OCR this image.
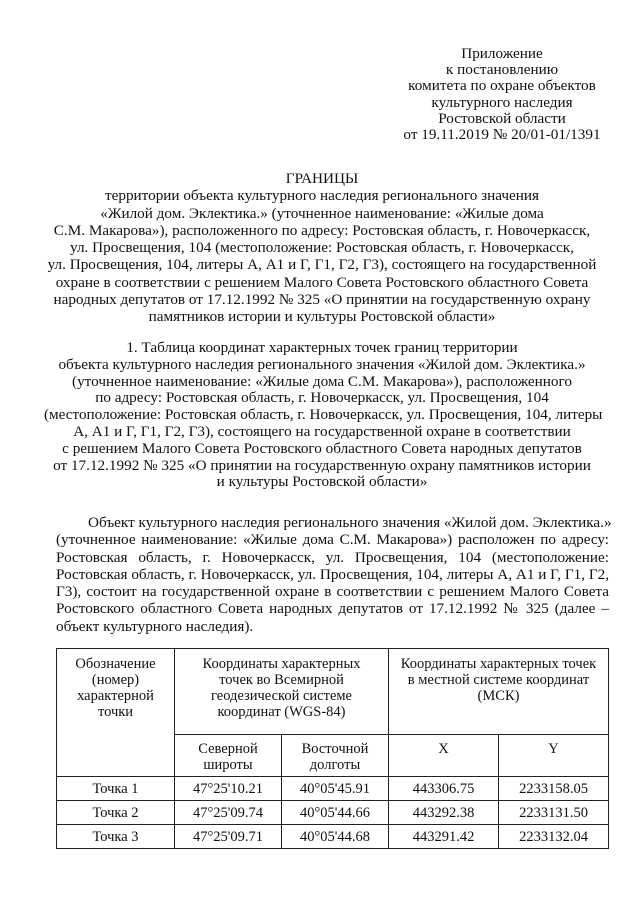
Приложение
к постановлению
комитета по охране объектов
культурного наследия
Ростовской области
от 19.11.2019 № 20/01-01/1391
ГРАНИЦЫ
территории объекта культурного наследия регионального значения
«Жилой дом. Эклектика.» (уточненное наименование: «Жилые дома
С.М. Макарова»), расположенного по адресу: Ростовская область, г. Новочеркасск,
ул. Просвещения, 104 (местоположение: Ростовская область, г. Новочеркасск,
ул. Просвещения, 104, литеры А, А1 и Г, Г1, Г2, Г3), состоящего на государственной
охране в соответствии с решением Малого Совета Ростовского областного Совета
народных депутатов от 17.12.1992 № 325 «О принятии на государственную охрану
памятников истории и культуры Ростовской области»
1. Таблица координат характерных точек границ территории
объекта культурного наследия регионального значения «Жилой дом. Эклектика.»
(уточненное наименование: «Жилые дома С.М. Макарова»), расположенного
по адресу: Ростовская область, г. Новочеркасск, ул. Просвещения, 104
(местоположение: Ростовская область, г. Новочеркасск, ул. Просвещения, 104, литеры
А, А1 и Г, Г1, Г2, Г3), состоящего на государственной охране в соответствии
с решением Малого Совета Ростовского областного Совета народных депутатов
от 17.12.1992 № 325 «О принятии на государственную охрану памятников истории
и культуры Ростовской области»
Объект культурного наследия регионального значения «Жилой дом. Эклектика.»
(уточненное наименование: «Жилые дома С.М. Макарова») расположен по адресу:
Ростовская область, г. Новочеркасск, ул. Просвещения, 104 (местоположение:
Ростовская область, г. Новочеркасск, ул. Просвещения, 104, литеры А, А1 и Г, Г1, Г2,
Г3), состоит на государственной охране в соответствии с решением Малого Совета
Ростовского областного Совета народных депутатов от 17.12.1992 № 325 (далее –
объект культурного наследия).
Обозначение
(номер)
характерной
точки	Координаты характерных
точек во Всемирной
геодезической системе
координат (WGS-84)		Координаты характерных точек
в местной системе координат
(МСК)	

	Северной
широты	Восточной
долготы	X	Y
Точка 1	47°25'10.21	40°05'45.91	443306.75	2233158.05
Точка 2	47°25'09.74	40°05'44.66	443292.38	2233131.50
Точка 3	47°25'09.71	40°05'44.68	443291.42	2233132.04
